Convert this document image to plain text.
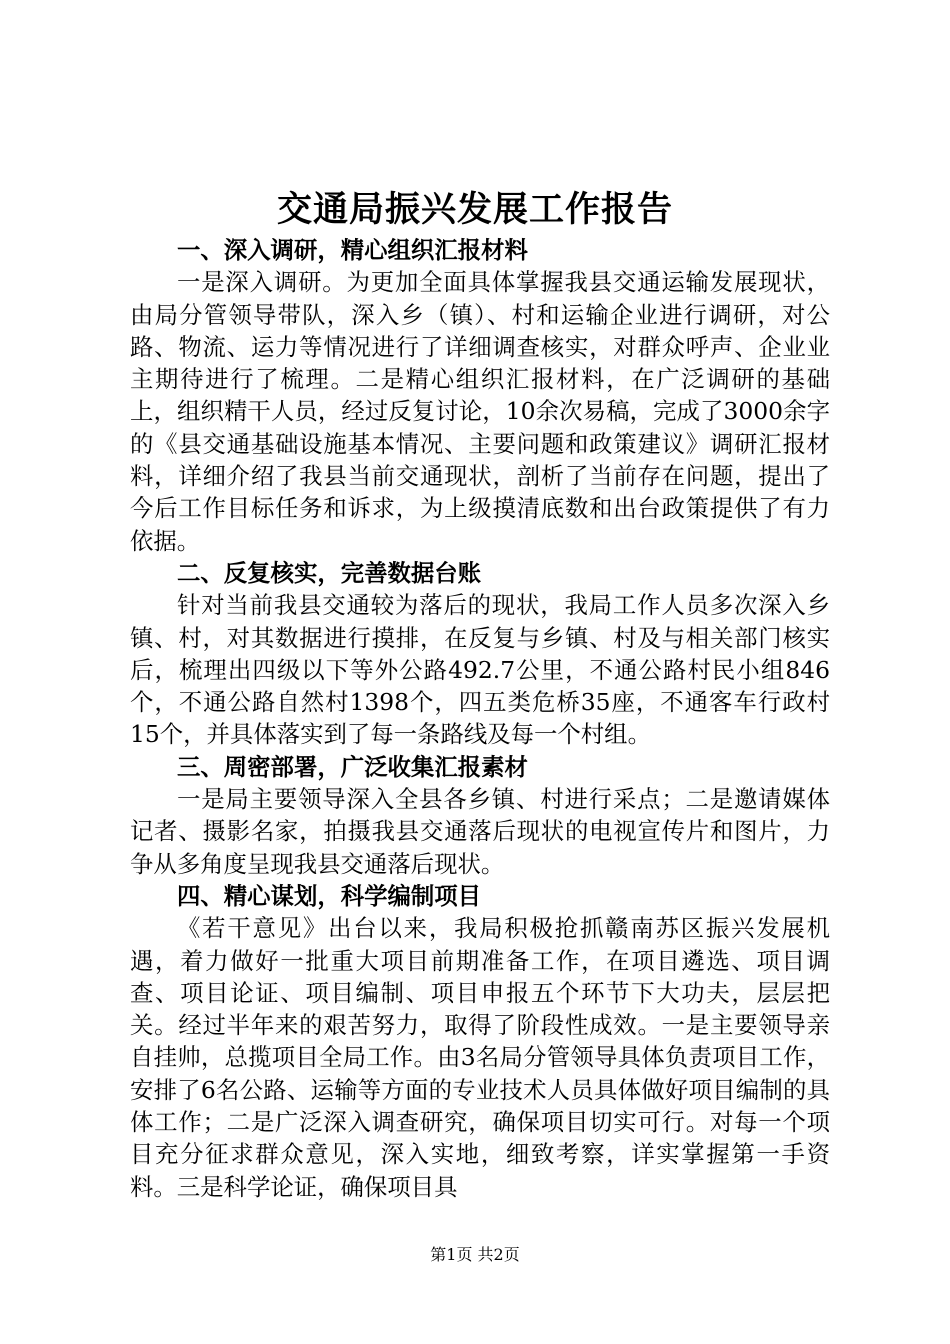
交通局振兴发展工作报告
一、深入调研，精心组织汇报材料

一是深入调研。为更加全面具体掌握我县交通运输发展现状，由局分管领导带队，深入乡（镇）、村和运输企业进行调研，对公路、物流、运力等情况进行了详细调查核实，对群众呼声、企业业主期待进行了梳理。二是精心组织汇报材料，在广泛调研的基础上，组织精干人员，经过反复讨论，10余次易稿，完成了3000余字的《县交通基础设施基本情况、主要问题和政策建议》调研汇报材料，详细介绍了我县当前交通现状，剖析了当前存在问题，提出了今后工作目标任务和诉求，为上级摸清底数和出台政策提供了有力依据。

二、反复核实，完善数据台账

针对当前我县交通较为落后的现状，我局工作人员多次深入乡镇、村，对其数据进行摸排，在反复与乡镇、村及与相关部门核实后，梳理出四级以下等外公路492.7公里，不通公路村民小组846个，不通公路自然村1398个，四五类危桥35座，不通客车行政村15个，并具体落实到了每一条路线及每一个村组。

三、周密部署，广泛收集汇报素材

一是局主要领导深入全县各乡镇、村进行采点；二是邀请媒体记者、摄影名家，拍摄我县交通落后现状的电视宣传片和图片，力争从多角度呈现我县交通落后现状。

四、精心谋划，科学编制项目

《若干意见》出台以来，我局积极抢抓赣南苏区振兴发展机遇，着力做好一批重大项目前期准备工作，在项目遴选、项目调查、项目论证、项目编制、项目申报五个环节下大功夫，层层把关。经过半年来的艰苦努力，取得了阶段性成效。一是主要领导亲自挂帅，总揽项目全局工作。由3名局分管领导具体负责项目工作，安排了6名公路、运输等方面的专业技术人员具体做好项目编制的具体工作；二是广泛深入调查研究，确保项目切实可行。对每一个项目充分征求群众意见，深入实地，细致考察，详实掌握第一手资料。三是科学论证，确保项目具

第1页 共2页
